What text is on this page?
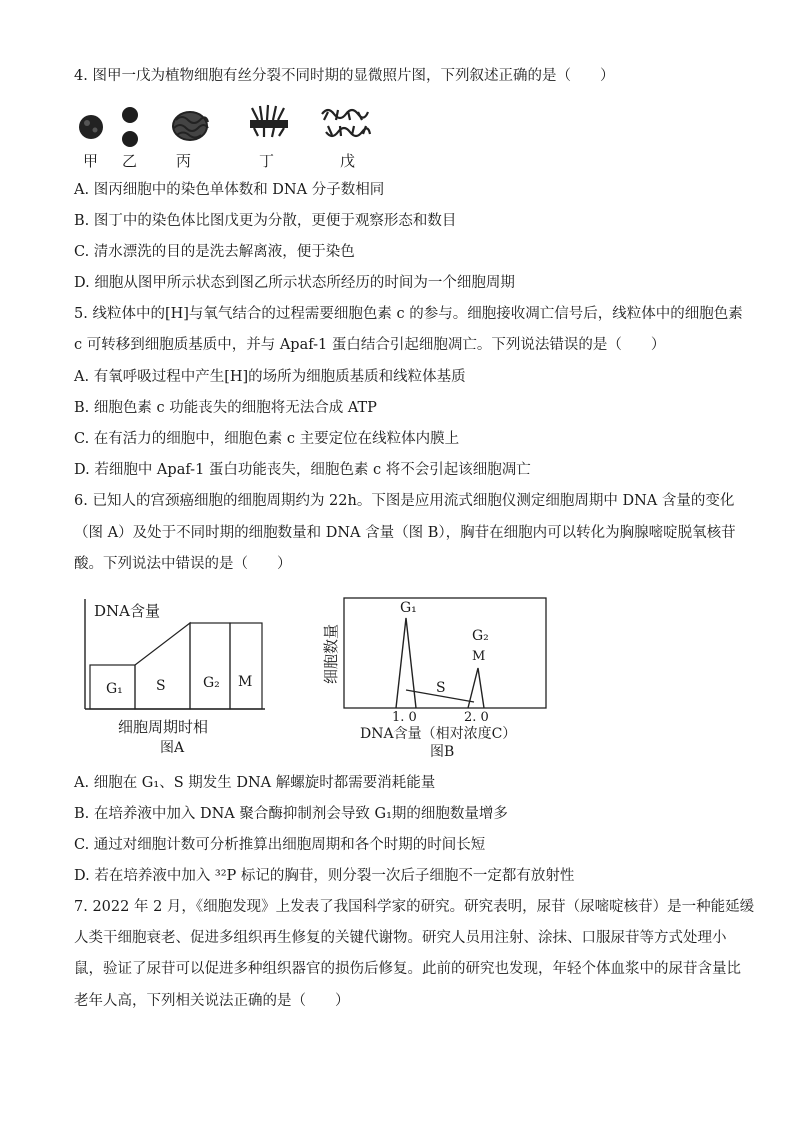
4. 图甲一戊为植物细胞有丝分裂不同时期的显微照片图，下列叙述正确的是（　　）
甲 乙	丙	丁	戊
A. 图丙细胞中的染色单体数和 DNA 分子数相同
B. 图丁中的染色体比图戊更为分散，更便于观察形态和数目
C. 清水漂洗的目的是洗去解离液，便于染色
D. 细胞从图甲所示状态到图乙所示状态所经历的时间为一个细胞周期
5. 线粒体中的[H]与氧气结合的过程需要细胞色素 c 的参与。细胞接收凋亡信号后，线粒体中的细胞色素
c 可转移到细胞质基质中，并与 Apaf-1 蛋白结合引起细胞凋亡。下列说法错误的是（　　）
A. 有氧呼吸过程中产生[H]的场所为细胞质基质和线粒体基质
B. 细胞色素 c 功能丧失的细胞将无法合成 ATP
C. 在有活力的细胞中，细胞色素 c 主要定位在线粒体内膜上
D. 若细胞中 Apaf-1 蛋白功能丧失，细胞色素 c 将不会引起该细胞凋亡
6. 已知人的宫颈癌细胞的细胞周期约为 22h。下图是应用流式细胞仪测定细胞周期中 DNA 含量的变化
（图 A）及处于不同时期的细胞数量和 DNA 含量（图 B），胸苷在细胞内可以转化为胸腺嘧啶脱氧核苷
酸。下列说法中错误的是（　　）
DNA含量
G₁ S	G₂ M
细胞周期时相
图A
细胞数量
G₁
G₂
M
S
1. 0	2. 0
DNA含量（相对浓度C）
图B
A. 细胞在 G₁、S 期发生 DNA 解螺旋时都需要消耗能量
B. 在培养液中加入 DNA 聚合酶抑制剂会导致 G₁期的细胞数量增多
C. 通过对细胞计数可分析推算出细胞周期和各个时期的时间长短
D. 若在培养液中加入 ³²P 标记的胸苷，则分裂一次后子细胞不一定都有放射性
7. 2022 年 2 月，《细胞发现》上发表了我国科学家的研究。研究表明，尿苷（尿嘧啶核苷）是一种能延缓
人类干细胞衰老、促进多组织再生修复的关键代谢物。研究人员用注射、涂抹、口服尿苷等方式处理小
鼠，验证了尿苷可以促进多种组织器官的损伤后修复。此前的研究也发现，年轻个体血浆中的尿苷含量比
老年人高，下列相关说法正确的是（　　）
